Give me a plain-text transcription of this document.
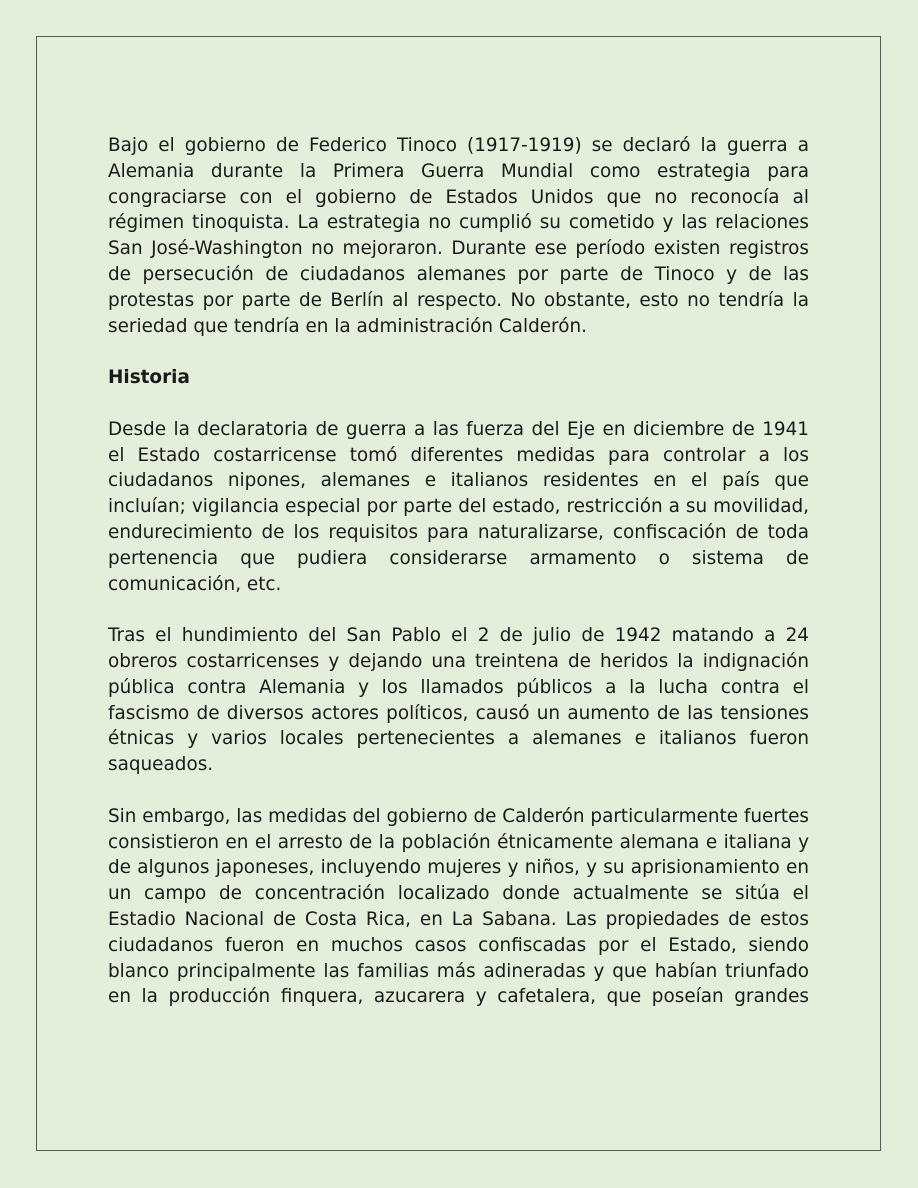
Bajo el gobierno de Federico Tinoco (1917-1919) se declaró la guerra a Alemania durante la Primera Guerra Mundial como estrategia para congraciarse con el gobierno de Estados Unidos que no reconocía al régimen tinoquista. La estrategia no cumplió su cometido y las relaciones San José-Washington no mejoraron. Durante ese período existen registros de persecución de ciudadanos alemanes por parte de Tinoco y de las protestas por parte de Berlín al respecto. No obstante, esto no tendría la seriedad que tendría en la administración Calderón.

Historia

Desde la declaratoria de guerra a las fuerza del Eje en diciembre de 1941 el Estado costarricense tomó diferentes medidas para controlar a los ciudadanos nipones, alemanes e italianos residentes en el país que incluían; vigilancia especial por parte del estado, restricción a su movilidad, endurecimiento de los requisitos para naturalizarse, confiscación de toda pertenencia que pudiera considerarse armamento o sistema de comunicación, etc.

Tras el hundimiento del San Pablo el 2 de julio de 1942 matando a 24 obreros costarricenses y dejando una treintena de heridos la indignación pública contra Alemania y los llamados públicos a la lucha contra el fascismo de diversos actores políticos, causó un aumento de las tensiones étnicas y varios locales pertenecientes a alemanes e italianos fueron saqueados.

Sin embargo, las medidas del gobierno de Calderón particularmente fuertes consistieron en el arresto de la población étnicamente alemana e italiana y de algunos japoneses, incluyendo mujeres y niños, y su aprisionamiento en un campo de concentración localizado donde actualmente se sitúa el Estadio Nacional de Costa Rica, en La Sabana. Las propiedades de estos ciudadanos fueron en muchos casos confiscadas por el Estado, siendo blanco principalmente las familias más adineradas y que habían triunfado en la producción finquera, azucarera y cafetalera, que poseían grandes
